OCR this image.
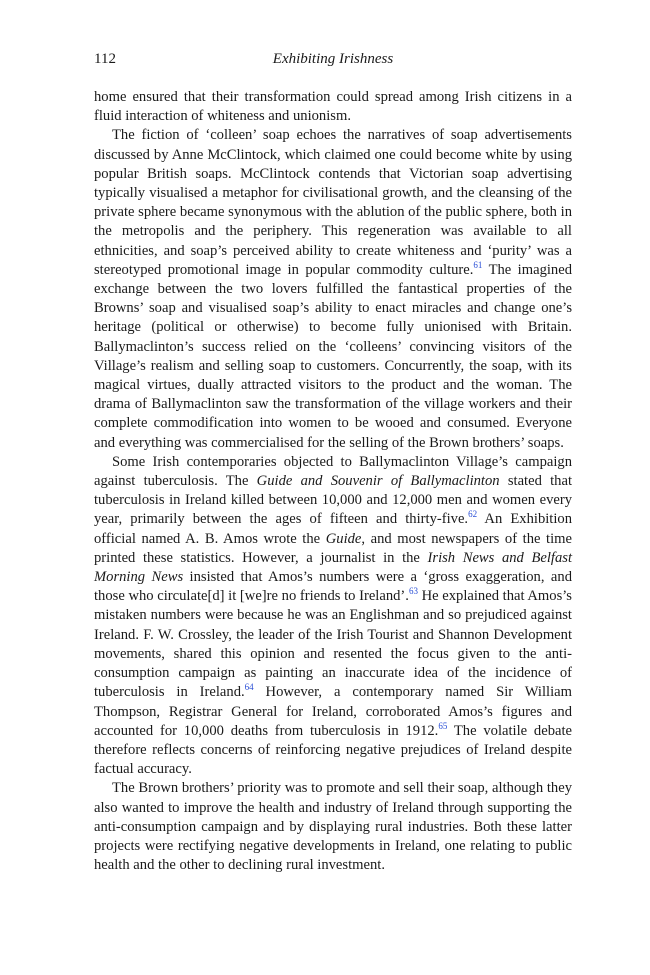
112	Exhibiting Irishness

home ensured that their transformation could spread among Irish citizens in a fluid interaction of whiteness and unionism.

The fiction of ‘colleen’ soap echoes the narratives of soap advertisements discussed by Anne McClintock, which claimed one could become white by using popular British soaps. McClintock contends that Victorian soap advertising typically visualised a metaphor for civilisational growth, and the cleansing of the private sphere became synonymous with the ablution of the public sphere, both in the metropolis and the periphery. This regeneration was available to all ethnicities, and soap’s perceived ability to create whiteness and ‘purity’ was a stereotyped promotional image in popular commodity culture.$^{61}$ The imagined exchange between the two lovers fulfilled the fantastical properties of the Browns’ soap and visualised soap’s ability to enact miracles and change one’s heritage (political or otherwise) to become fully unionised with Britain. Ballymaclinton’s success relied on the ‘colleens’ convincing visitors of the Village’s realism and selling soap to customers. Concurrently, the soap, with its magical virtues, dually attracted visitors to the product and the woman. The drama of Ballymaclinton saw the transformation of the village workers and their complete commodification into women to be wooed and consumed. Everyone and everything was commercialised for the selling of the Brown brothers’ soaps.

Some Irish contemporaries objected to Ballymaclinton Village’s campaign against tuberculosis. The Guide and Souvenir of Ballymaclinton stated that tuberculosis in Ireland killed between 10,000 and 12,000 men and women every year, primarily between the ages of fifteen and thirty-five.$^{62}$ An Exhibition official named A. B. Amos wrote the Guide, and most newspapers of the time printed these statistics. However, a journalist in the Irish News and Belfast Morning News insisted that Amos’s numbers were a ‘gross exaggeration, and those who circulate[d] it [we]re no friends to Ireland’.$^{63}$ He explained that Amos’s mistaken numbers were because he was an Englishman and so prejudiced against Ireland. F. W. Crossley, the leader of the Irish Tourist and Shannon Development movements, shared this opinion and resented the focus given to the anti-consumption campaign as painting an inaccurate idea of the incidence of tuberculosis in Ireland.$^{64}$ However, a contemporary named Sir William Thompson, Registrar General for Ireland, corroborated Amos’s figures and accounted for 10,000 deaths from tuberculosis in 1912.65 The volatile debate therefore reflects concerns of reinforcing negative prejudices of Ireland despite factual accuracy.

The Brown brothers’ priority was to promote and sell their soap, although they also wanted to improve the health and industry of Ireland through supporting the anti-consumption campaign and by displaying rural industries. Both these latter projects were rectifying negative developments in Ireland, one relating to public health and the other to declining rural investment.
